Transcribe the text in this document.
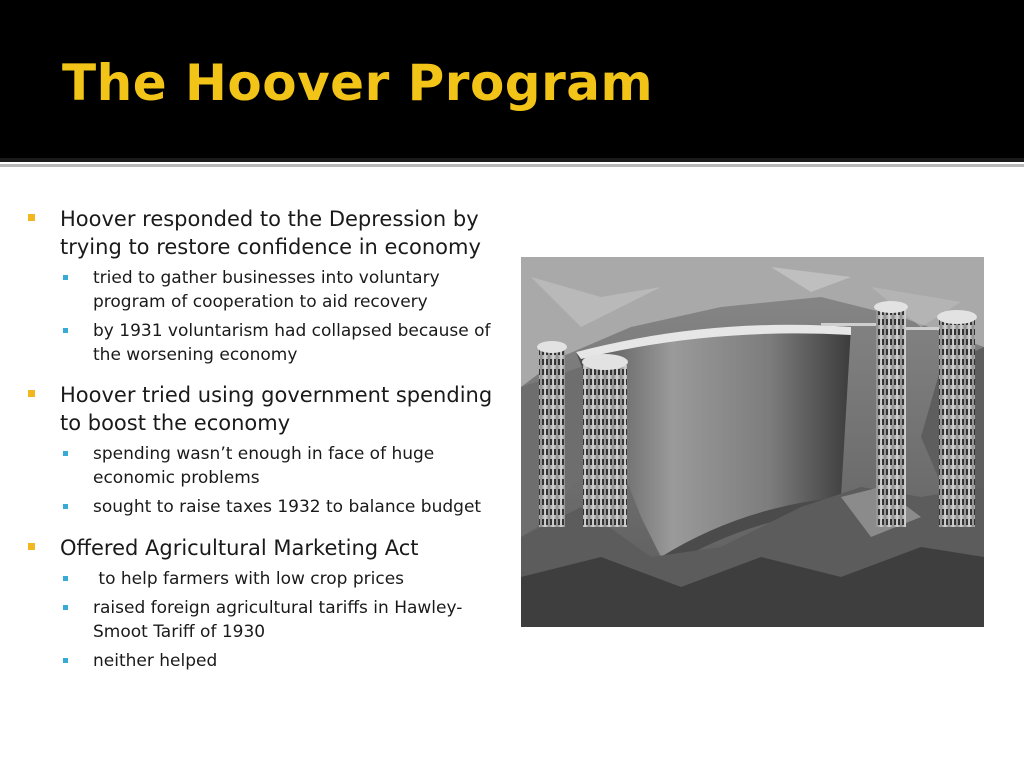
The Hoover Program
Hoover responded to the Depression by trying to restore confidence in economy
tried to gather businesses into voluntary program of cooperation to aid recovery
by 1931 voluntarism had collapsed because of the worsening economy
Hoover tried using government spending to boost the economy
spending wasn’t enough in face of huge economic problems
sought to raise taxes 1932 to balance budget
Offered Agricultural Marketing Act
to help farmers with low crop prices
raised foreign agricultural tariffs in Hawley-Smoot Tariff of 1930
neither helped
